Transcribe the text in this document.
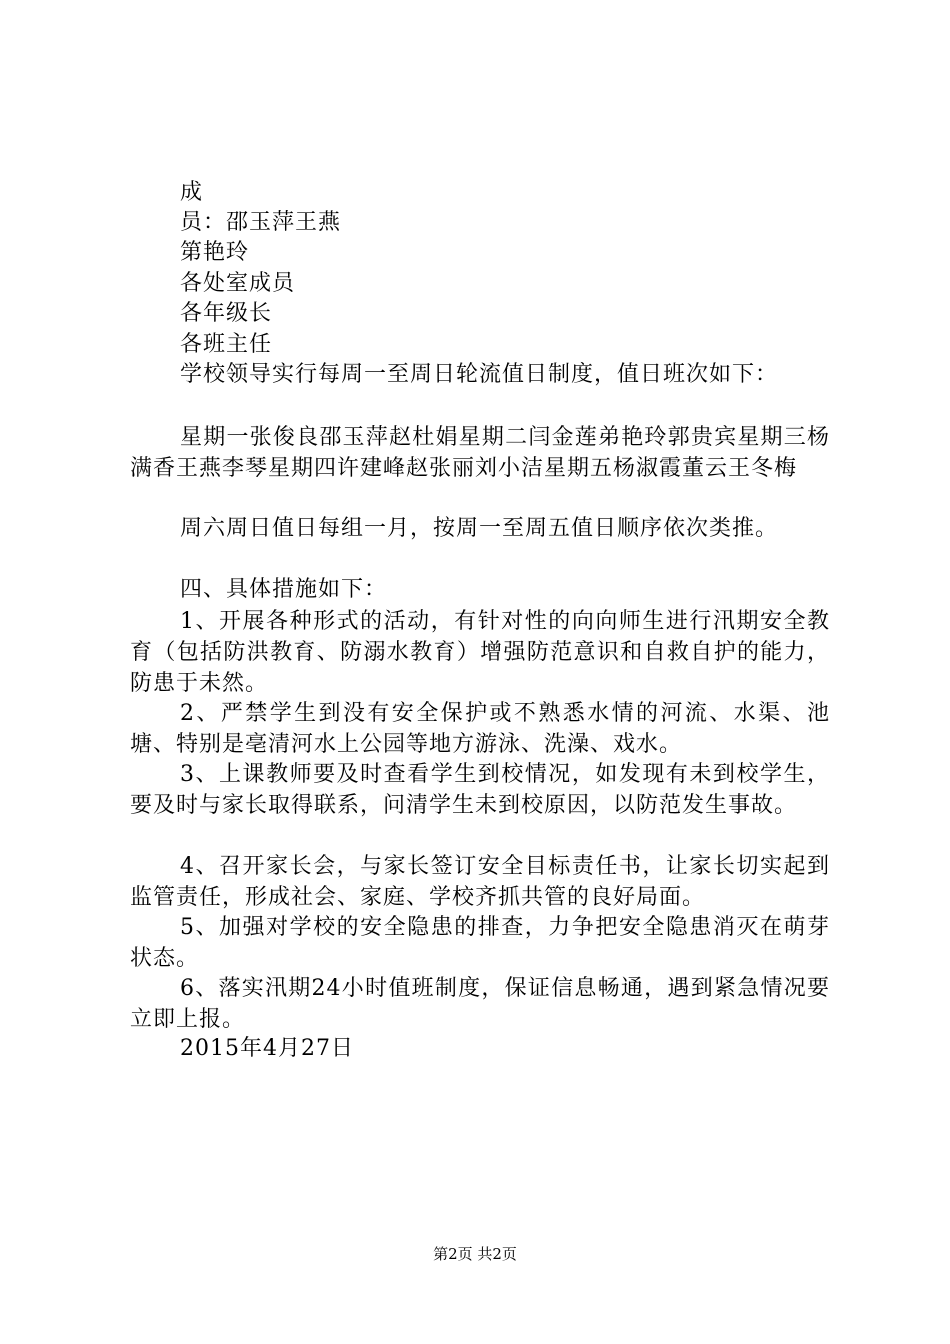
成
员：邵玉萍王燕
第艳玲
各处室成员
各年级长
各班主任
学校领导实行每周一至周日轮流值日制度，值日班次如下：
星期一张俊良邵玉萍赵杜娟星期二闫金莲弟艳玲郭贵宾星期三杨满香王燕李琴星期四许建峰赵张丽刘小洁星期五杨淑霞董云王冬梅
周六周日值日每组一月，按周一至周五值日顺序依次类推。
四、具体措施如下：
1、开展各种形式的活动，有针对性的向向师生进行汛期安全教育（包括防洪教育、防溺水教育）增强防范意识和自救自护的能力，防患于未然。
2、严禁学生到没有安全保护或不熟悉水情的河流、水渠、池塘、特别是亳清河水上公园等地方游泳、洗澡、戏水。
3、上课教师要及时查看学生到校情况，如发现有未到校学生，要及时与家长取得联系，问清学生未到校原因，以防范发生事故。
4、召开家长会，与家长签订安全目标责任书，让家长切实起到监管责任，形成社会、家庭、学校齐抓共管的良好局面。
5、加强对学校的安全隐患的排查，力争把安全隐患消灭在萌芽状态。
6、落实汛期24小时值班制度，保证信息畅通，遇到紧急情况要立即上报。
2015年4月27日
第2页 共2页
